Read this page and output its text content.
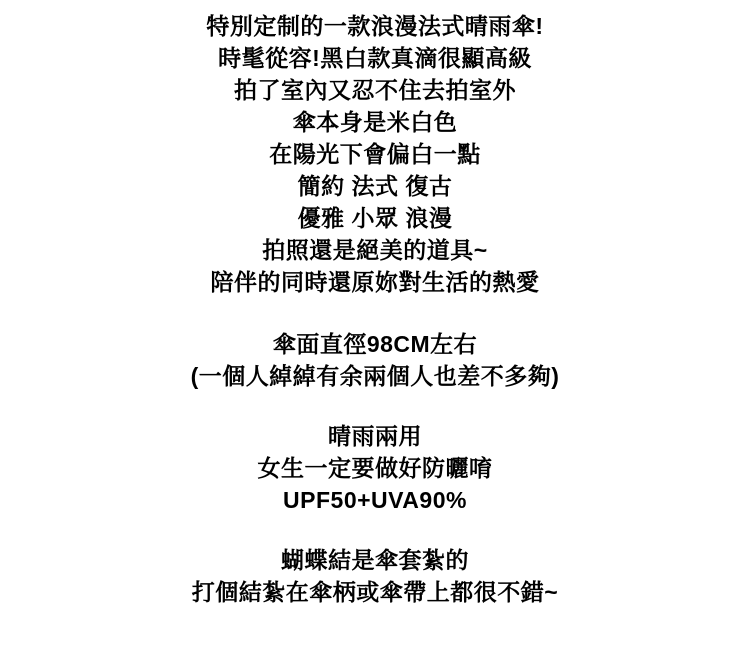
特別定制的一款浪漫法式晴雨傘!
時髦從容!黑白款真滴很顯高級
拍了室內又忍不住去拍室外
傘本身是米白色
在陽光下會偏白一點
簡約 法式 復古
優雅 小眾 浪漫
拍照還是絕美的道具~
陪伴的同時還原妳對生活的熱愛
傘面直徑98CM左右
(一個人綽綽有余兩個人也差不多夠)
晴雨兩用
女生一定要做好防曬唷
UPF50+UVA90%
蝴蝶結是傘套紮的
打個結紮在傘柄或傘帶上都很不錯~
